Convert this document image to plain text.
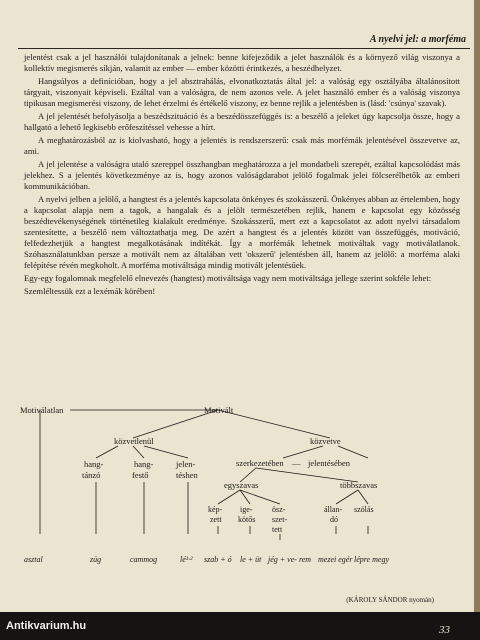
A nyelvi jel: a morféma

jelentést csak a jel használói tulajdonítanak a jelnek: benne kifejeződik a jelet használók és a környező világ viszonya a kollektív megismerés síkján, valamit az ember — ember közötti érintkezés, a beszédhelyzet.

Hangsúlyos a definícióban, hogy a jel absztrahálás, elvonatkoztatás által jel: a valóság egy osztályába általánosított tárgyait, viszonyait képviseli. Ezáltal van a valóságra, de nem azonos vele. A jelet használó ember és a valóság viszonya tipikusan megismerési viszony, de lehet érzelmi és értékelő viszony, ez benne rejlik a jelentésben is (lásd: 'csúnya' szavak).

A jel jelentését befolyásolja a beszédszituáció és a beszédösszefüggés is: a beszélő a jeleket úgy kapcsolja össze, hogy a hallgató a lehető legkisebb erőfeszítéssel vehesse a hírt.

A meghatározásból az is kiolvasható, hogy a jelentés is rendszerszerű: csak más morfémák jelentésével összevetve az, ami.

A jel jelentése a valóságra utaló szereppel összhangban meghatározza a jel mondatbeli szerepét, ezáltal kapcsolódást más jelekhez. S a jelentés következménye az is, hogy azonos valóságdarabot jelölő fogalmak jelei fölcserélhetők az emberi kommunikációban.

A nyelvi jelben a jelölő, a hangtest és a jelentés kapcsolata önkényes és szokásszerű. Önkényes abban az értelemben, hogy a kapcsolat alapja nem a tagok, a hangalak és a jelölt természetében rejlik, hanem e kapcsolat egy közösség beszédtevékenységének történetileg kialakult eredménye. Szokásszerű, mert ezt a kapcsolatot az adott nyelvi társadalom szentesítette, a beszélő nem változtathatja meg. De azért a hangtest és a jelentés között van összefüggés, motiváció, felfedezhetjük a hangtest megalkotásának indítékát. Így a morfémák lehetnek motiváltak vagy motiválatlanok. Szóhasználatunkban persze a motivált nem az általában vett 'okszerű' jelentésben áll, hanem az jelölő: a morféma alaki felépítése révén megkoholt. A morféma motiváltsága mindig motivált jelentésűek.

Egy-egy fogalomnak megfelelő elnevezés (hangtest) motiváltsága vagy nem motiváltsága jellege szerint sokféle lehet:

Szemléltessük ezt a lexémák körében!

Motiválatlan	Motivált
közvetlenül	közvetve
hang-
tánzó
hang-
festő
jelen-
téshen
szerkezetében — jelentésében
egyszavas	többszavas
kép-
zett
ige-
kötős
ösz-
szet-
tett
állan-
dó
szólás
asztal	zúg	cammog	lé¹·² szab + ó le + üt jég + ve- rem mezei egér lépre megy
(KÁROLY SÁNDOR nyomán)
Antikvarium.hu	33
